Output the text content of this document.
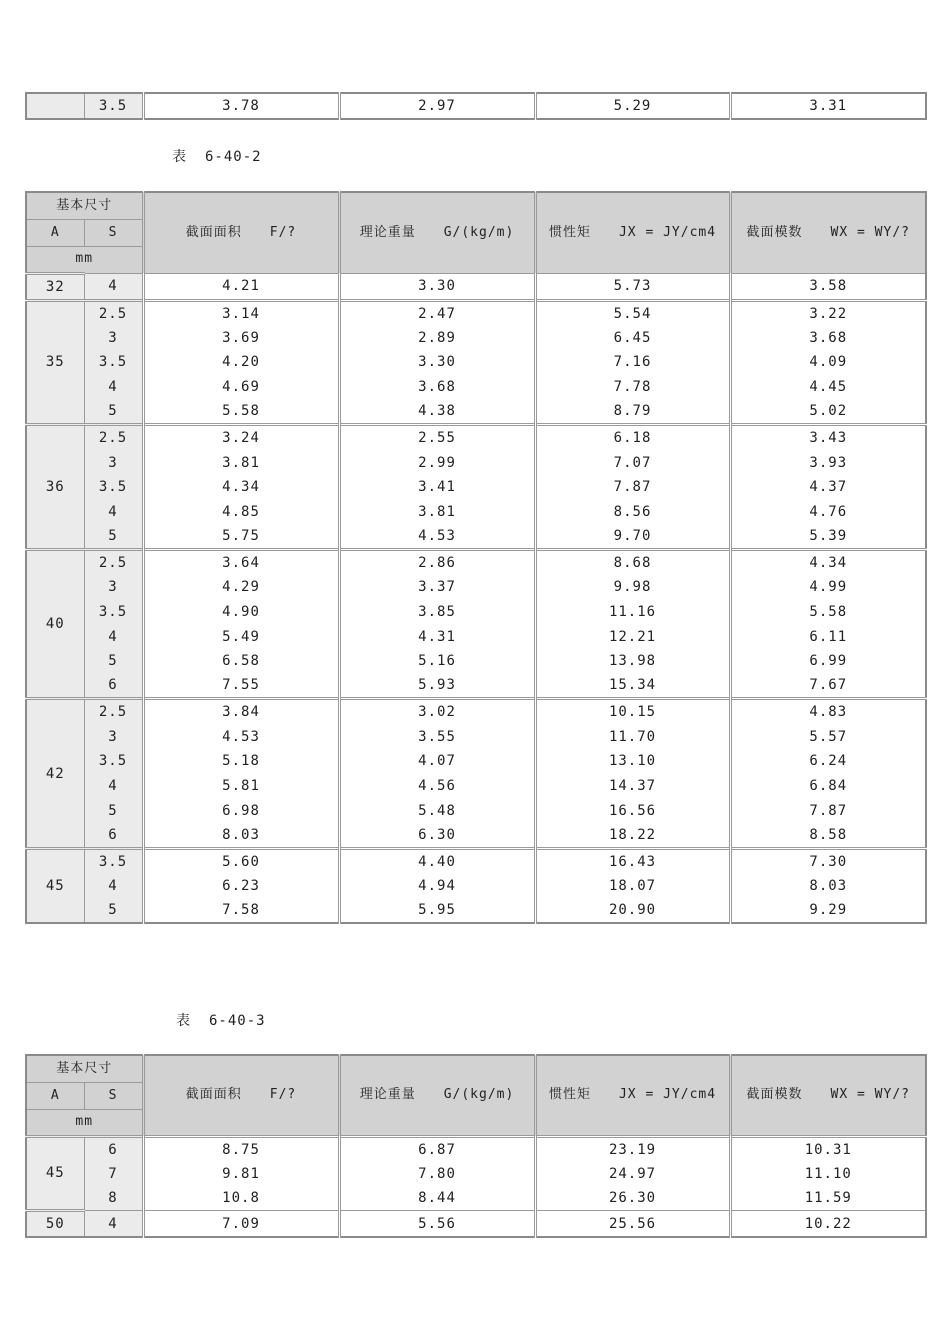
	3.5	3.78	2.97	5.29	3.31
表 6-40-2
基本尺寸		截面面积　　F/?	理论重量　　G/(kg/m)	惯性矩　　JX = JY/cm4	截面模数　　WX = WY/?
A	S				
mm					
32	4	4.21	3.30	5.73	3.58
35	2.5	3.14	2.47	5.54	3.22
	3	3.69	2.89	6.45	3.68
	3.5	4.20	3.30	7.16	4.09
	4	4.69	3.68	7.78	4.45
	5	5.58	4.38	8.79	5.02
36	2.5	3.24	2.55	6.18	3.43
	3	3.81	2.99	7.07	3.93
	3.5	4.34	3.41	7.87	4.37
	4	4.85	3.81	8.56	4.76
	5	5.75	4.53	9.70	5.39
40	2.5	3.64	2.86	8.68	4.34
	3	4.29	3.37	9.98	4.99
	3.5	4.90	3.85	11.16	5.58
	4	5.49	4.31	12.21	6.11
	5	6.58	5.16	13.98	6.99
	6	7.55	5.93	15.34	7.67
42	2.5	3.84	3.02	10.15	4.83
	3	4.53	3.55	11.70	5.57
	3.5	5.18	4.07	13.10	6.24
	4	5.81	4.56	14.37	6.84
	5	6.98	5.48	16.56	7.87
	6	8.03	6.30	18.22	8.58
45	3.5	5.60	4.40	16.43	7.30
	4	6.23	4.94	18.07	8.03
	5	7.58	5.95	20.90	9.29
表 6-40-3
基本尺寸		截面面积　　F/?	理论重量　　G/(kg/m)	惯性矩　　JX = JY/cm4	截面模数　　WX = WY/?
A	S				
mm					
45	6	8.75	6.87	23.19	10.31
	7	9.81	7.80	24.97	11.10
	8	10.8	8.44	26.30	11.59
50	4	7.09	5.56	25.56	10.22
